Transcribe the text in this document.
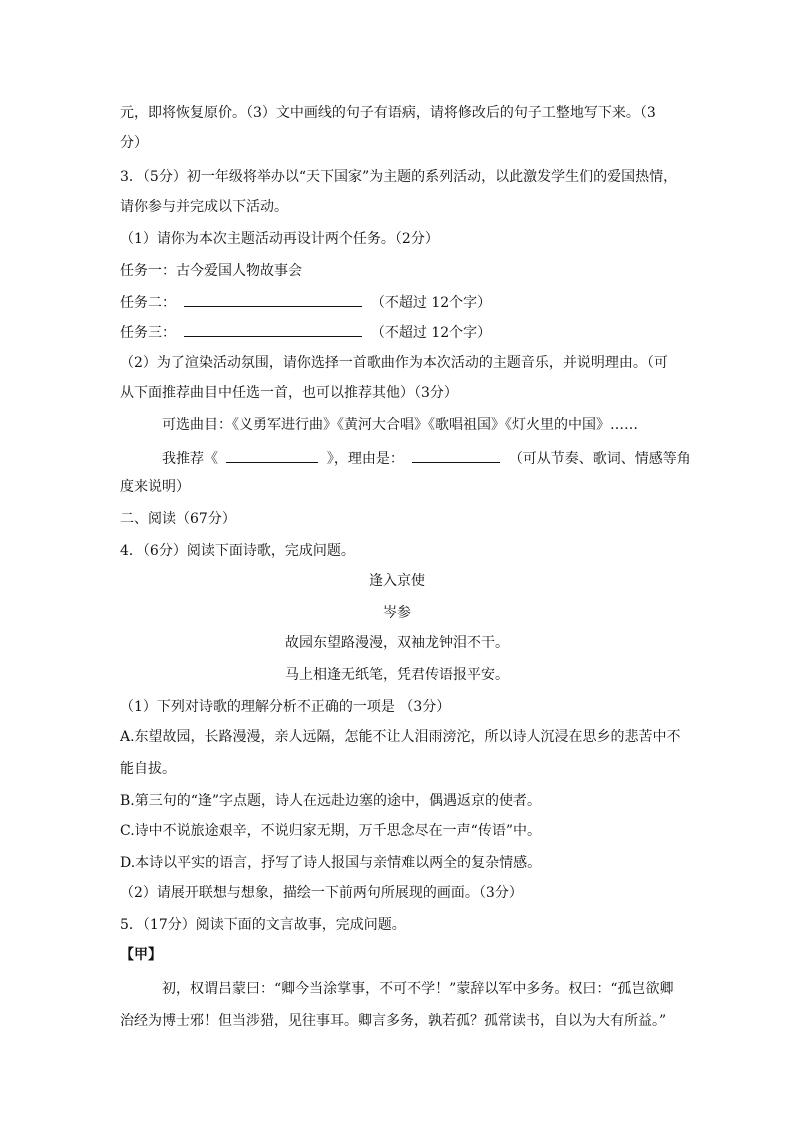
元，即将恢复原价。（3）文中画线的句子有语病，请将修改后的句子工整地写下来。（3
分）
3．（5分）初一年级将举办以“天下国家”为主题的系列活动，以此激发学生们的爱国热情，
请你参与并完成以下活动。
（1）请你为本次主题活动再设计两个任务。（2分）
任务一：古今爱国人物故事会
任务二：	（不超过 12个字）
任务三：	（不超过 12个字）
（2）为了渲染活动氛围，请你选择一首歌曲作为本次活动的主题音乐，并说明理由。（可
从下面推荐曲目中任选一首，也可以推荐其他）（3分）
可选曲目：《义勇军进行曲》《黄河大合唱》《歌唱祖国》《灯火里的中国》……
我推荐《	》，理由是：	（可从节奏、歌词、情感等角
度来说明）
二、阅读（67分）
4．（6分）阅读下面诗歌，完成问题。
逢入京使
岑参
故园东望路漫漫，双袖龙钟泪不干。
马上相逢无纸笔，凭君传语报平安。
（1）下列对诗歌的理解分析不正确的一项是 （3分）
A.东望故园，长路漫漫，亲人远隔，怎能不让人泪雨滂沱，所以诗人沉浸在思乡的悲苦中不
能自拔。
B.第三句的“逢”字点题，诗人在远赴边塞的途中，偶遇返京的使者。
C.诗中不说旅途艰辛，不说归家无期，万千思念尽在一声“传语”中。
D.本诗以平实的语言，抒写了诗人报国与亲情难以两全的复杂情感。
（2）请展开联想与想象，描绘一下前两句所展现的画面。（3分）
5．（17分）阅读下面的文言故事，完成问题。
【甲】
初，权谓吕蒙曰：“卿今当涂掌事，不可不学！”蒙辞以军中多务。权曰：“孤岂欲卿
治经为博士邪！但当涉猎，见往事耳。卿言多务，孰若孤？孤常读书，自以为大有所益。”
